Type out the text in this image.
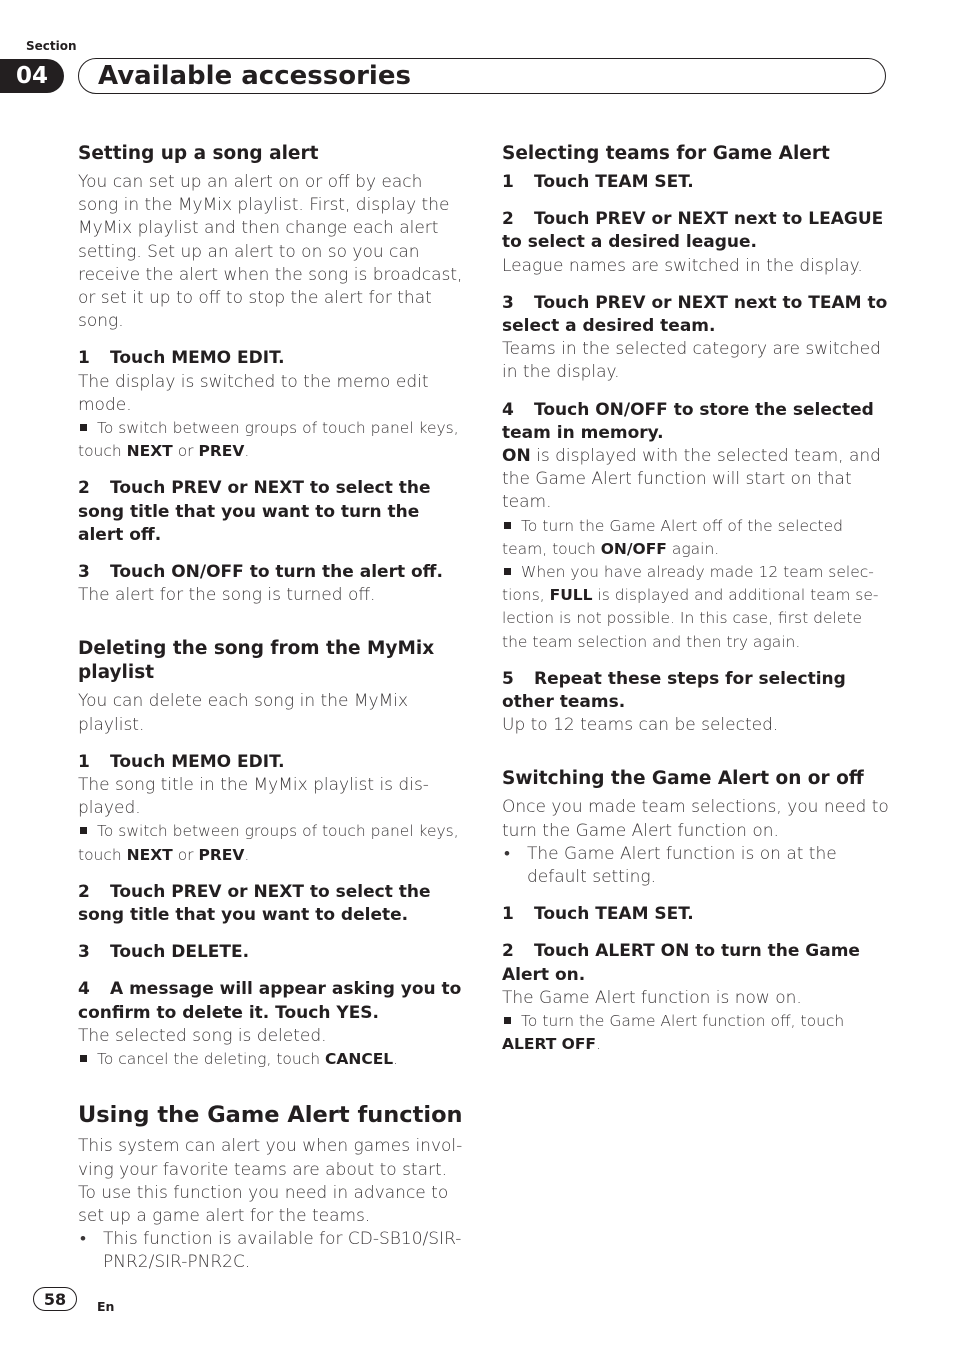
Section
04	Available accessories
Setting up a song alert

You can set up an alert on or off by each song in the MyMix playlist. First, display the MyMix playlist and then change each alert setting. Set up an alert to on so you can receive the alert when the song is broadcast, or set it up to off to stop the alert for that song.

1 Touch MEMO EDIT.

The display is switched to the memo edit mode.

To switch between groups of touch panel keys, touch NEXT or PREV.

2 Touch PREV or NEXT to select the song title that you want to turn the alert off.

3 Touch ON/OFF to turn the alert off.

The alert for the song is turned off.

Deleting the song from the MyMix playlist

You can delete each song in the MyMix playlist.

1 Touch MEMO EDIT.

The song title in the MyMix playlist is dis-played.

To switch between groups of touch panel keys, touch NEXT or PREV.

2 Touch PREV or NEXT to select the song title that you want to delete.

3 Touch DELETE.

4 A message will appear asking you to confirm to delete it. Touch YES.

The selected song is deleted.

To cancel the deleting, touch CANCEL.

Using the Game Alert function

This system can alert you when games invol-ving your favorite teams are about to start. To use this function you need in advance to set up a game alert for the teams.

• This function is available for CD-SB10/SIR-PNR2/SIR-PNR2C.

Selecting teams for Game Alert

1 Touch TEAM SET.

2 Touch PREV or NEXT next to LEAGUE to select a desired league.

League names are switched in the display.

3 Touch PREV or NEXT next to TEAM to select a desired team.

Teams in the selected category are switched in the display.

4 Touch ON/OFF to store the selected team in memory.

ON is displayed with the selected team, and the Game Alert function will start on that team.

To turn the Game Alert off of the selected team, touch ON/OFF again.

When you have already made 12 team selec-tions, FULL is displayed and additional team se-lection is not possible. In this case, first delete the team selection and then try again.

5 Repeat these steps for selecting other teams.

Up to 12 teams can be selected.

Switching the Game Alert on or off

Once you made team selections, you need to turn the Game Alert function on.

• The Game Alert function is on at the default setting.

1 Touch TEAM SET.

2 Touch ALERT ON to turn the Game Alert on.

The Game Alert function is now on.

To turn the Game Alert function off, touch ALERT OFF.

58	En
